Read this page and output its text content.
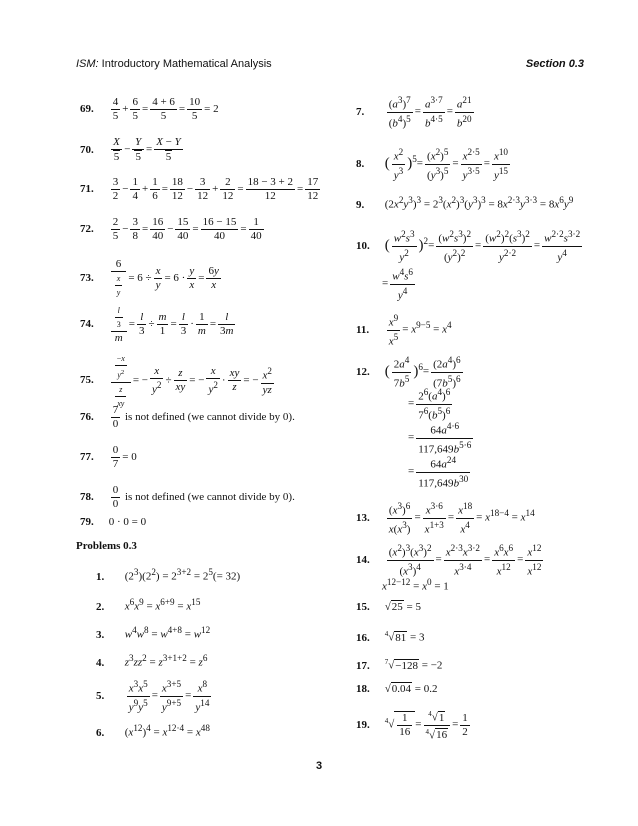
ISM: Introductory Mathematical Analysis	Section 0.3
69. $\frac{4}{5} + \frac{6}{5} = \frac{4 + 6}{5} = \frac{10}{5} = 2$
70. $\frac{X}{5} - \frac{Y}{5} = \frac{X - Y}{5}$
71. $\frac{3}{2} - \frac{1}{4} + \frac{1}{6} = \frac{18}{12} - \frac{3}{12} + \frac{2}{12} = \frac{18 - 3 + 2}{12} = \frac{17}{12}$
72. $\frac{2}{5} - \frac{3}{8} = \frac{16}{40} - \frac{15}{40} = \frac{16 - 15}{40} = \frac{1}{40}$
73. $\frac{6}{\frac{x}{y}} = 6 \div \frac{x}{y} = 6 \cdot \frac{y}{x} = \frac{6y}{x}$
74. $\frac{\frac{l}{3}}{m} = \frac{l}{3} \div \frac{m}{1} = \frac{l}{3} \cdot \frac{1}{m} = \frac{l}{3m}$
75. $\frac{\frac{-x}{y^2}}{\frac{z}{xy}}$ = − $\frac{x}{y^2} \div \frac{z}{xy}$ = − $\frac{x}{y^2} \cdot \frac{xy}{z}$ = − $\frac{x^2}{yz}$
76. $\frac{7}{0}$ is not defined (we cannot divide by 0).
77. $\frac{0}{7} = 0$
78. $\frac{0}{0}$ is not defined (we cannot divide by 0).
79. 0 · 0 = 0
Problems 0.3
1. $(2^3)(2^2) = 2^{3+2} = 2^5(= 32)$
2. $x^6x^9 = x^{6+9} = x^{15}$
3. $w^4w^8 = w^{4+8} = w^{12}$
4. $z^3zz^2 = z^{3+1+2} = z^6$
5. $\frac{x^3x^5}{y^9y^5} = \frac{x^{3+5}}{y^{9+5}} = \frac{x^8}{y^{14}}$
6. $(x^{12})^4 = x^{12\cdot 4} = x^{48}$
7. $\frac{(a^3)^7}{(b^4)^5} = \frac{a^{3\cdot 7}}{b^{4\cdot 5}} = \frac{a^{21}}{b^{20}}$
8. ( $\frac{x^2}{y^3} )^5= \frac{(x^2)^5}{(y^3)^5} = \frac{x^{2\cdot 5}}{y^{3\cdot 5}} = \frac{x^{10}}{y^{15}}$
9. $(2x^2y^3)^3 = 2^3(x^2)^3(y^3)^3 = 8x^{2\cdot 3}y^{3\cdot 3} = 8x^6y^9$
10. ( $\frac{w^2s^3}{y^2} )^2= \frac{(w^2s^3)^2}{(y^2)^2} = \frac{(w^2)^2(s^3)^2}{y^{2\cdot 2}} = \frac{w^{2\cdot 2}s^{3\cdot 2}}{y^4}$
= $\frac{w^4s^6}{y^4}$
11. $\frac{x^9}{x^5} = x^{9-5} = x^4$
12. ( $\frac{2a^4}{7b^5} )^6= \frac{(2a^4)^6}{(7b^5)^6}$
= $\frac{2^6(a^4)^6}{7^6(b^5)^6}$
= $\frac{64a^{4\cdot 6}}{117,649b^{5\cdot 6}}$
= $\frac{64a^{24}}{117,649b^{30}}$
13. $\frac{(x^3)^6}{x(x^3)} = \frac{x^{3\cdot 6}}{x^{1+3}} = \frac{x^{18}}{x^4} = x^{18-4} = x^{14}$
14. $\frac{(x^2)^3(x^3)^2}{(x^3)^4} = \frac{x^{2\cdot 3}x^{3\cdot 2}}{x^{3\cdot 4}} = \frac{x^6x^6}{x^{12}} = \frac{x^{12}}{x^{12}}$
$x^{12-12} = x^0 = 1$
15. √25 = 5
16. $^4$√81 = 3
17. $^7$√−128 = −2
18. √0.04 = 0.2
19. $^4√ \frac{1}{16} = \frac{^4√1}{^4√16} = \frac{1}{2}$
3
